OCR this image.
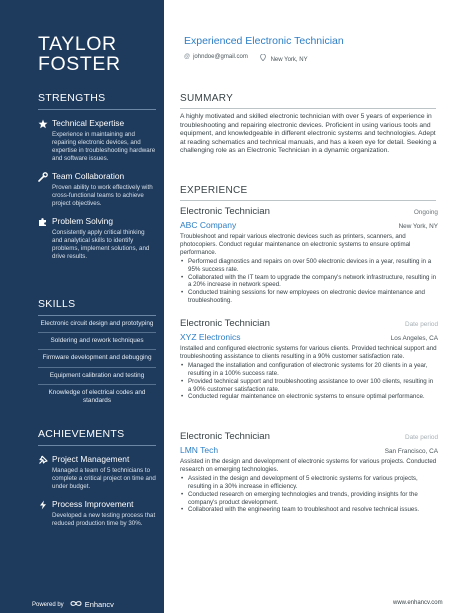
TAYLOR
FOSTER
STRENGTHS
Technical Expertise
Experience in maintaining and repairing electronic devices, and expertise in troubleshooting hardware and software issues.
Team Collaboration
Proven ability to work effectively with cross-functional teams to achieve project objectives.
Problem Solving
Consistently apply critical thinking and analytical skills to identify problems, implement solutions, and drive results.
SKILLS
Electronic circuit design and prototyping
Soldering and rework techniques
Firmware development and debugging
Equipment calibration and testing
Knowledge of electrical codes and standards
ACHIEVEMENTS
Project Management
Managed a team of 5 technicians to complete a critical project on time and under budget.
Process Improvement
Developed a new testing process that reduced production time by 30%.
Powered by	Enhancv
Experienced Electronic Technician
@ johndoe@gmail.com	New York, NY
SUMMARY
A highly motivated and skilled electronic technician with over 5 years of experience in troubleshooting and repairing electronic devices. Proficient in using various tools and equipment, and knowledgeable in different electronic systems and technologies. Adept at reading schematics and technical manuals, and has a keen eye for detail. Seeking a challenging role as an Electronic Technician in a dynamic organization.
EXPERIENCE
Electronic Technician	Ongoing
ABC Company	New York, NY
Troubleshoot and repair various electronic devices such as printers, scanners, and photocopiers. Conduct regular maintenance on electronic systems to ensure optimal performance.
• Performed diagnostics and repairs on over 500 electronic devices in a year, resulting in a 95% success rate.
• Collaborated with the IT team to upgrade the company's network infrastructure, resulting in a 20% increase in network speed.
• Conducted training sessions for new employees on electronic device maintenance and troubleshooting.
Electronic Technician	Date period
XYZ Electronics	Los Angeles, CA
Installed and configured electronic systems for various clients. Provided technical support and troubleshooting assistance to clients resulting in a 90% customer satisfaction rate.
• Managed the installation and configuration of electronic systems for 20 clients in a year, resulting in a 100% success rate.
• Provided technical support and troubleshooting assistance to over 100 clients, resulting in a 90% customer satisfaction rate.
• Conducted regular maintenance on electronic systems to ensure optimal performance.
Electronic Technician	Date period
LMN Tech	San Francisco, CA
Assisted in the design and development of electronic systems for various projects. Conducted research on emerging technologies.
• Assisted in the design and development of 5 electronic systems for various projects, resulting in a 30% increase in efficiency.
• Conducted research on emerging technologies and trends, providing insights for the company's product development.
• Collaborated with the engineering team to troubleshoot and resolve technical issues.
www.enhancv.com
